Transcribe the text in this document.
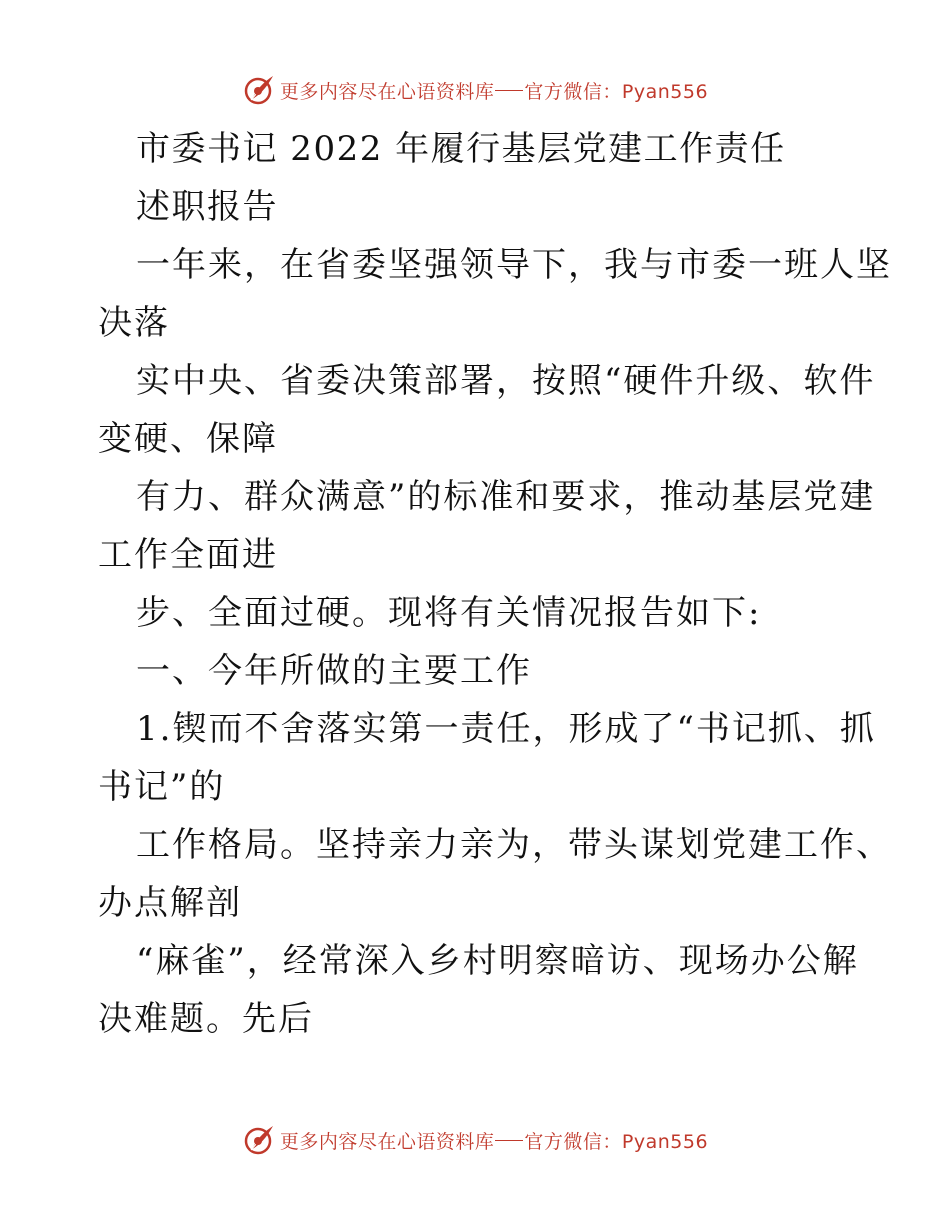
更多内容尽在心语资料库 官方微信：Pyan556
市委书记 2022 年履行基层党建工作责任
述职报告
一年来，在省委坚强领导下，我与市委一班人坚
决落
实中央、省委决策部署，按照“硬件升级、软件
变硬、保障
有力、群众满意”的标准和要求，推动基层党建
工作全面进
步、全面过硬。现将有关情况报告如下:
一、今年所做的主要工作
1.锲而不舍落实第一责任，形成了“书记抓、抓
书记”的
工作格局。坚持亲力亲为，带头谋划党建工作、
办点解剖
“麻雀”，经常深入乡村明察暗访、现场办公解
决难题。先后
更多内容尽在心语资料库 官方微信：Pyan556
